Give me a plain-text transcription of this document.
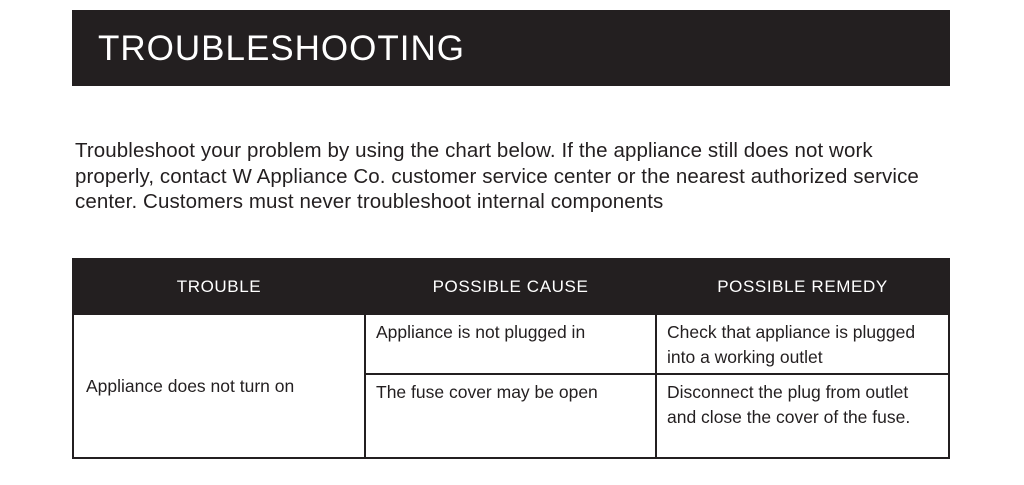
TROUBLESHOOTING

Troubleshoot your problem by using the chart below. If the appliance still does not work properly, contact W Appliance Co. customer service center or the nearest authorized service center. Customers must never troubleshoot internal components

TROUBLE	POSSIBLE CAUSE	POSSIBLE REMEDY
Appliance does not turn on	Appliance is not plugged in	Check that appliance is plugged into a working outlet
	The fuse cover may be open	Disconnect the plug from outlet and close the cover of the fuse.
